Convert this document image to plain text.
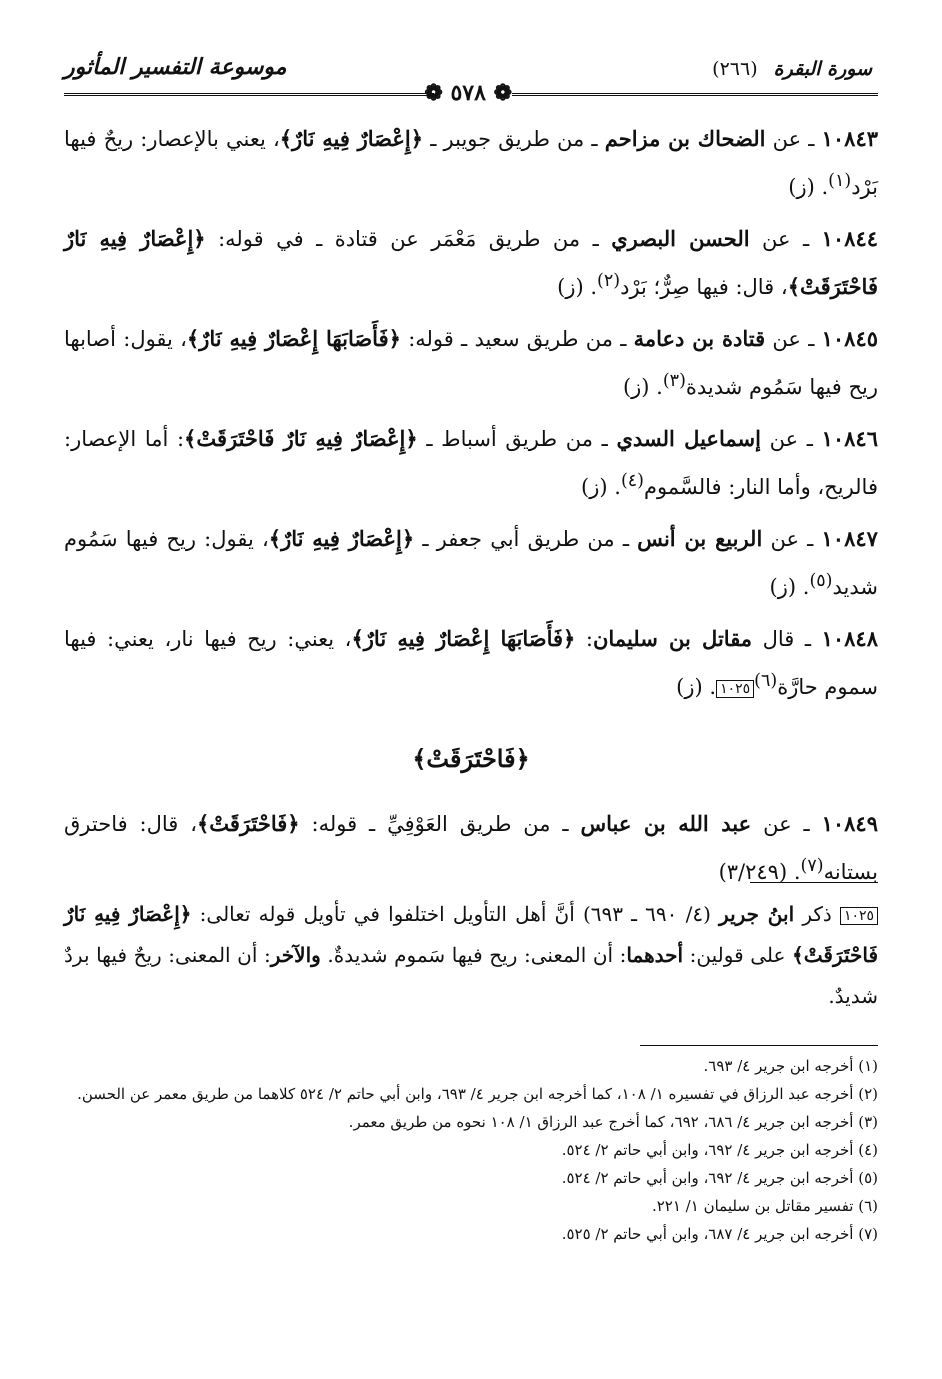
سورة البقرة (٢٦٦)
موسوعة التفسير المأثور
❁ ٥٧٨ ❁

١٠٨٤٣ ـ عن الضحاك بن مزاحم ـ من طريق جويبر ـ ﴿إِعْصَارٌ فِيهِ نَارٌ﴾، يعني بالإعصار: ريحٌ فيها بَرْد$^{(١)}$. (ز)

١٠٨٤٤ ـ عن الحسن البصري ـ من طريق مَعْمَر عن قتادة ـ في قوله: ﴿إِعْصَارٌ فِيهِ نَارٌ فَاحْتَرَقَتْ﴾، قال: فيها صِرٌّ؛ بَرْد$^{(٢)}$. (ز)

١٠٨٤٥ ـ عن قتادة بن دعامة ـ من طريق سعيد ـ قوله: ﴿فَأَصَابَهَا إِعْصَارٌ فِيهِ نَارٌ﴾، يقول: أصابها ريح فيها سَمُوم شديدة$^{(٣)}$. (ز)

١٠٨٤٦ ـ عن إسماعيل السدي ـ من طريق أسباط ـ ﴿إِعْصَارٌ فِيهِ نَارٌ فَاحْتَرَقَتْ﴾: أما الإعصار: فالريح، وأما النار: فالسَّموم$^{(٤)}$. (ز)

١٠٨٤٧ ـ عن الربيع بن أنس ـ من طريق أبي جعفر ـ ﴿إِعْصَارٌ فِيهِ نَارٌ﴾، يقول: ريح فيها سَمُوم شديد$^{(٥)}$. (ز)

١٠٨٤٨ ـ قال مقاتل بن سليمان: ﴿فَأَصَابَهَا إِعْصَارٌ فِيهِ نَارٌ﴾، يعني: ريح فيها نار، يعني: فيها سموم حارَّة$^{(٦)}$١٠٢٥. (ز)

﴿فَاحْتَرَقَتْ﴾

١٠٨٤٩ ـ عن عبد الله بن عباس ـ من طريق العَوْفِيِّ ـ قوله: ﴿فَاحْتَرَقَتْ﴾، قال: فاحترق بستانه$^{(٧)}$. (٣/٢٤٩)

١٠٢٥ ذكر ابنُ جرير (٤/ ٦٩٠ ـ ٦٩٣) أنَّ أهل التأويل اختلفوا في تأويل قوله تعالى: ﴿إِعْصَارٌ فِيهِ نَارٌ فَاحْتَرَقَتْ﴾ على قولين: أحدهما: أن المعنى: ريح فيها سَموم شديدةٌ. والآخر: أن المعنى: ريحٌ فيها بردٌ شديدٌ.
(١) أخرجه ابن جرير ٤/ ٦٩٣.
(٢) أخرجه عبد الرزاق في تفسيره ١/ ١٠٨، كما أخرجه ابن جرير ٤/ ٦٩٣، وابن أبي حاتم ٢/ ٥٢٤ كلاهما من طريق معمر عن الحسن.
(٣) أخرجه ابن جرير ٤/ ٦٨٦، ٦٩٢، كما أخرج عبد الرزاق ١/ ١٠٨ نحوه من طريق معمر.
(٤) أخرجه ابن جرير ٤/ ٦٩٢، وابن أبي حاتم ٢/ ٥٢٤.
(٥) أخرجه ابن جرير ٤/ ٦٩٢، وابن أبي حاتم ٢/ ٥٢٤.
(٦) تفسير مقاتل بن سليمان ١/ ٢٢١.
(٧) أخرجه ابن جرير ٤/ ٦٨٧، وابن أبي حاتم ٢/ ٥٢٥.
